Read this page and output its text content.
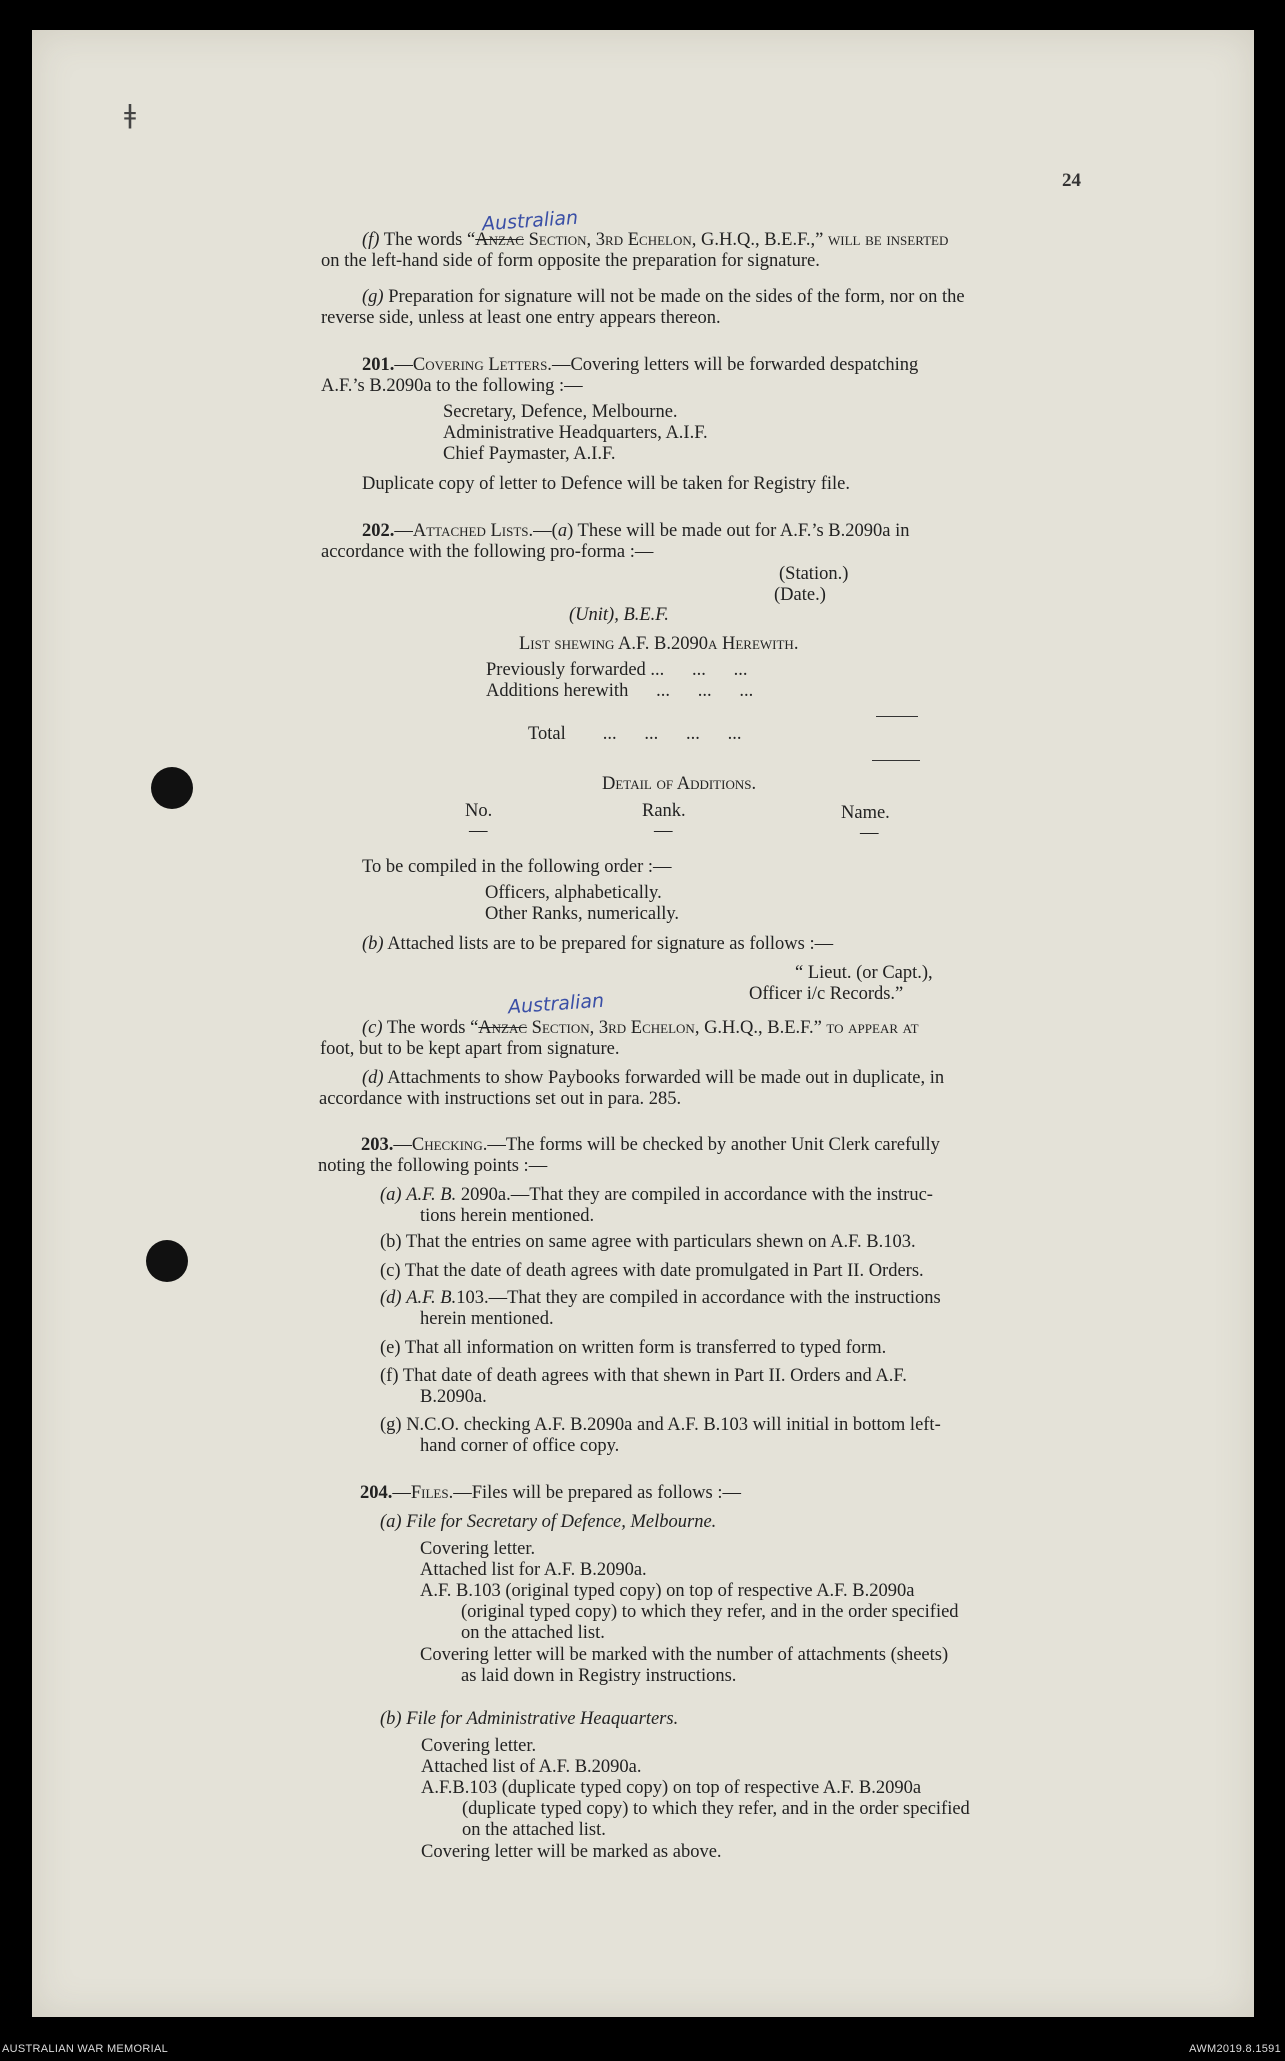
ǂ
24
Australian
(f) The words “Anzac Section, 3rd Echelon, G.H.Q., B.E.F.,” will be inserted
on the left-hand side of form opposite the preparation for signature.
(g) Preparation for signature will not be made on the sides of the form, nor on the
reverse side, unless at least one entry appears thereon.
201.—Covering Letters.—Covering letters will be forwarded despatching
A.F.’s B.2090a to the following :—
Secretary, Defence, Melbourne.
Administrative Headquarters, A.I.F.
Chief Paymaster, A.I.F.
Duplicate copy of letter to Defence will be taken for Registry file.
202.—Attached Lists.—(a) These will be made out for A.F.’s B.2090a in
accordance with the following pro-forma :—
(Station.)
(Date.)
(Unit), B.E.F.
List shewing A.F. B.2090a Herewith.
Previously forwarded ...      ...      ...
Additions herewith      ...      ...      ...
Total        ...      ...      ...      ...
Detail of Additions.
No.	Rank.	Name.
—	—	—
To be compiled in the following order :—
Officers, alphabetically.
Other Ranks, numerically.
(b) Attached lists are to be prepared for signature as follows :—
“ Lieut. (or Capt.),
Officer i/c Records.”
Australian
(c) The words “Anzac Section, 3rd Echelon, G.H.Q., B.E.F.” to appear at
foot, but to be kept apart from signature.
(d) Attachments to show Paybooks forwarded will be made out in duplicate, in
accordance with instructions set out in para. 285.
203.—Checking.—The forms will be checked by another Unit Clerk carefully
noting the following points :—
(a) A.F. B. 2090a.—That they are compiled in accordance with the instruc-
tions herein mentioned.
(b) That the entries on same agree with particulars shewn on A.F. B.103.
(c) That the date of death agrees with date promulgated in Part II. Orders.
(d) A.F. B.103.—That they are compiled in accordance with the instructions
herein mentioned.
(e) That all information on written form is transferred to typed form.
(f) That date of death agrees with that shewn in Part II. Orders and A.F.
B.2090a.
(g) N.C.O. checking A.F. B.2090a and A.F. B.103 will initial in bottom left-
hand corner of office copy.
204.—Files.—Files will be prepared as follows :—
(a) File for Secretary of Defence, Melbourne.
Covering letter.
Attached list for A.F. B.2090a.
A.F. B.103 (original typed copy) on top of respective A.F. B.2090a
(original typed copy) to which they refer, and in the order specified
on the attached list.
Covering letter will be marked with the number of attachments (sheets)
as laid down in Registry instructions.
(b) File for Administrative Heaquarters.
Covering letter.
Attached list of A.F. B.2090a.
A.F.B.103 (duplicate typed copy) on top of respective A.F. B.2090a
(duplicate typed copy) to which they refer, and in the order specified
on the attached list.
Covering letter will be marked as above.
AUSTRALIAN WAR MEMORIAL	AWM2019.8.1591
